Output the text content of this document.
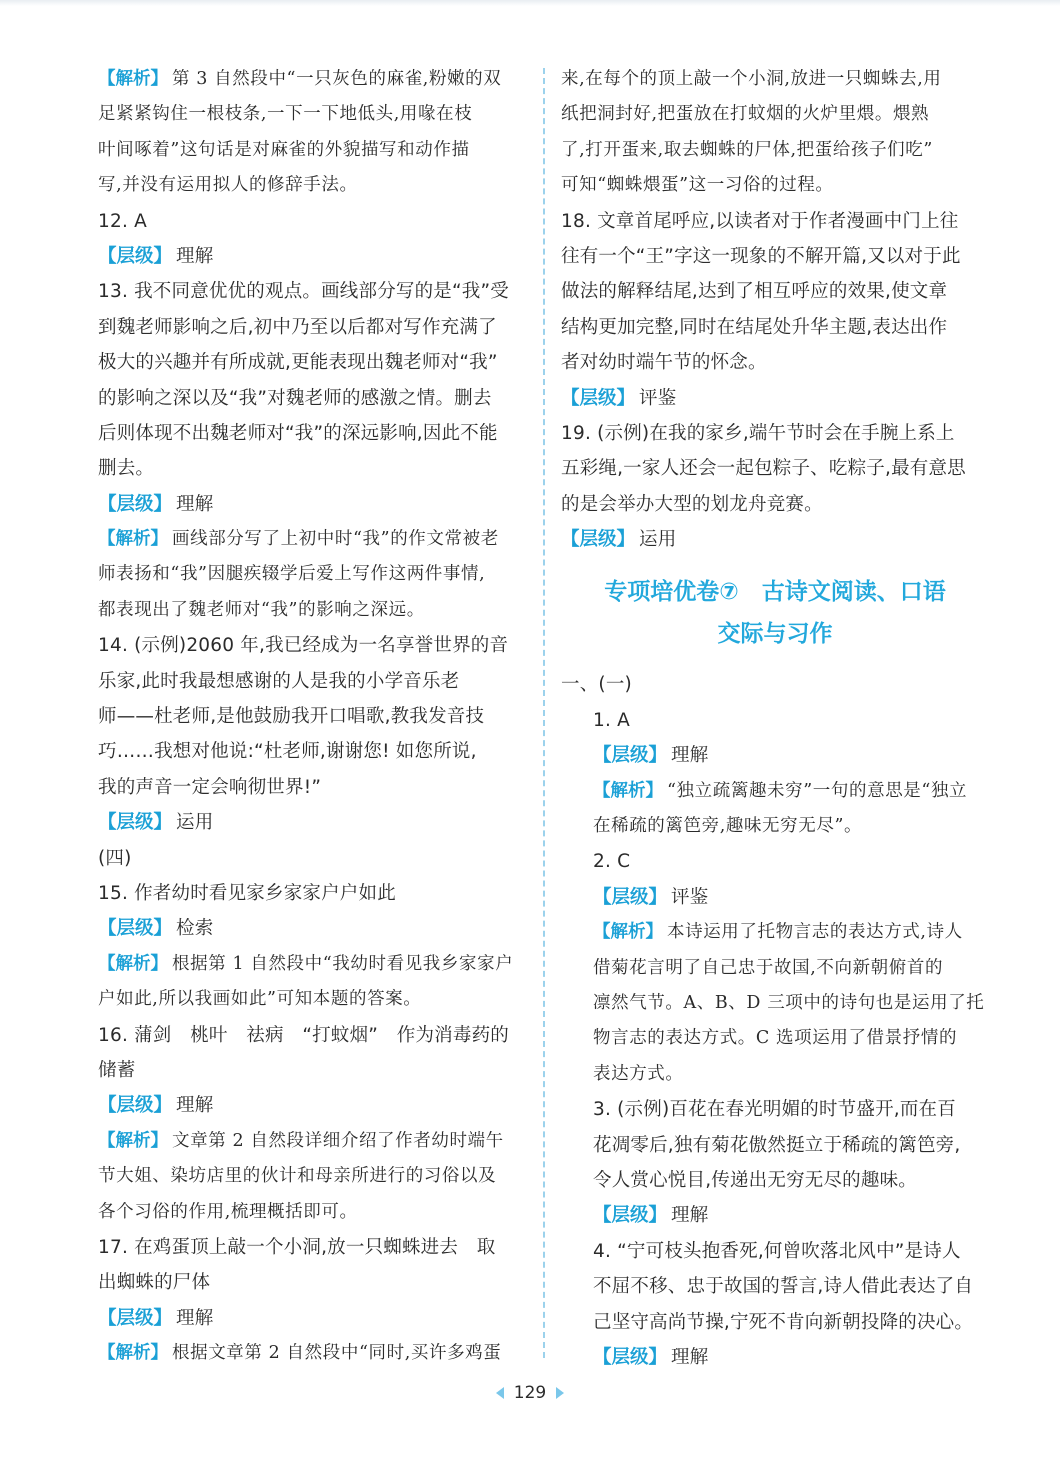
【解析】 第 3 自然段中“一只灰色的麻雀,粉嫩的双
足紧紧钩住一根枝条,一下一下地低头,用喙在枝
叶间啄着”这句话是对麻雀的外貌描写和动作描
写,并没有运用拟人的修辞手法。
12. A
【层级】 理解
13. 我不同意优优的观点。画线部分写的是“我”受
到魏老师影响之后,初中乃至以后都对写作充满了
极大的兴趣并有所成就,更能表现出魏老师对“我”
的影响之深以及“我”对魏老师的感激之情。删去
后则体现不出魏老师对“我”的深远影响,因此不能
删去。
【层级】 理解
【解析】 画线部分写了上初中时“我”的作文常被老
师表扬和“我”因腿疾辍学后爱上写作这两件事情,
都表现出了魏老师对“我”的影响之深远。
14. (示例)2060 年,我已经成为一名享誉世界的音
乐家,此时我最想感谢的人是我的小学音乐老
师——杜老师,是他鼓励我开口唱歌,教我发音技
巧……我想对他说:“杜老师,谢谢您! 如您所说,
我的声音一定会响彻世界!”
【层级】 运用
(四)
15. 作者幼时看见家乡家家户户如此
【层级】 检索
【解析】 根据第 1 自然段中“我幼时看见我乡家家户
户如此,所以我画如此”可知本题的答案。
16. 蒲剑　桃叶　祛病　“打蚊烟”　作为消毒药的
储蓄
【层级】 理解
【解析】 文章第 2 自然段详细介绍了作者幼时端午
节大姐、染坊店里的伙计和母亲所进行的习俗以及
各个习俗的作用,梳理概括即可。
17. 在鸡蛋顶上敲一个小洞,放一只蜘蛛进去　取
出蜘蛛的尸体
【层级】 理解
【解析】 根据文章第 2 自然段中“同时,买许多鸡蛋
来,在每个的顶上敲一个小洞,放进一只蜘蛛去,用
纸把洞封好,把蛋放在打蚊烟的火炉里煨。煨熟
了,打开蛋来,取去蜘蛛的尸体,把蛋给孩子们吃”
可知“蜘蛛煨蛋”这一习俗的过程。
18. 文章首尾呼应,以读者对于作者漫画中门上往
往有一个“王”字这一现象的不解开篇,又以对于此
做法的解释结尾,达到了相互呼应的效果,使文章
结构更加完整,同时在结尾处升华主题,表达出作
者对幼时端午节的怀念。
【层级】 评鉴
19. (示例)在我的家乡,端午节时会在手腕上系上
五彩绳,一家人还会一起包粽子、吃粽子,最有意思
的是会举办大型的划龙舟竞赛。
【层级】 运用
专项培优卷⑦　古诗文阅读、口语
交际与习作
一、(一)
1. A
【层级】 理解
【解析】 “独立疏篱趣未穷”一句的意思是“独立
在稀疏的篱笆旁,趣味无穷无尽”。
2. C
【层级】 评鉴
【解析】 本诗运用了托物言志的表达方式,诗人
借菊花言明了自己忠于故国,不向新朝俯首的
凛然气节。A、B、D 三项中的诗句也是运用了托
物言志的表达方式。C 选项运用了借景抒情的
表达方式。
3. (示例)百花在春光明媚的时节盛开,而在百
花凋零后,独有菊花傲然挺立于稀疏的篱笆旁,
令人赏心悦目,传递出无穷无尽的趣味。
【层级】 理解
4. “宁可枝头抱香死,何曾吹落北风中”是诗人
不屈不移、忠于故国的誓言,诗人借此表达了自
己坚守高尚节操,宁死不肯向新朝投降的决心。
【层级】 理解
129
